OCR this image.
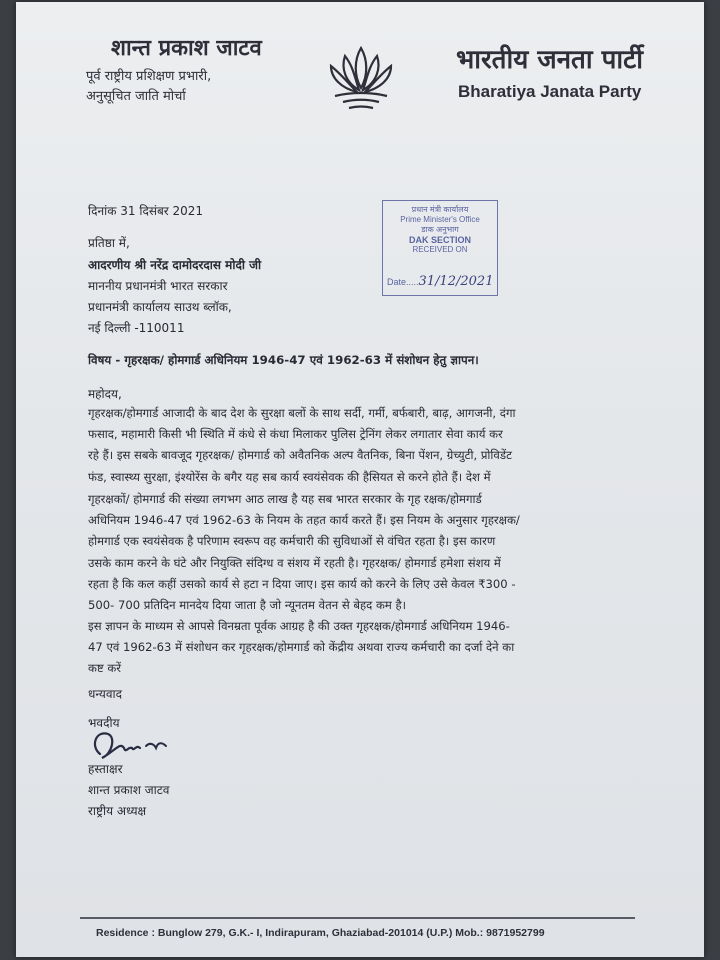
शान्त प्रकाश जाटव
पूर्व राष्ट्रीय प्रशिक्षण प्रभारी,
अनुसूचित जाति मोर्चा
भारतीय जनता पार्टी
Bharatiya Janata Party
दिनांक 31 दिसंबर 2021	प्रधान मंत्री कार्यालय
Prime Minister's Office
डाक अनुभाग
DAK SECTION
RECEIVED ON
Date.....31/12/2021
प्रतिष्ठा में,
आदरणीय श्री नरेंद्र दामोदरदास मोदी जी
माननीय प्रधानमंत्री भारत सरकार
प्रधानमंत्री कार्यालय साउथ ब्लॉक,
नई दिल्ली -110011
विषय - गृहरक्षक/ होमगार्ड अधिनियम 1946-47 एवं 1962-63 में संशोधन हेतु ज्ञापन।
महोदय,
गृहरक्षक/होमगार्ड आजादी के बाद देश के सुरक्षा बलों के साथ सर्दी, गर्मी, बर्फबारी, बाढ़, आगजनी, दंगा
फसाद, महामारी किसी भी स्थिति में कंधे से कंधा मिलाकर पुलिस ट्रेनिंग लेकर लगातार सेवा कार्य कर
रहे हैं। इस सबके बावजूद गृहरक्षक/ होमगार्ड को अवैतनिक अल्प वैतनिक, बिना पेंशन, ग्रेच्युटी, प्रोविडेंट
फंड, स्वास्थ्य सुरक्षा, इंश्योरेंस के बगैर यह सब कार्य स्वयंसेवक की हैसियत से करने होते हैं। देश में
गृहरक्षकों/ होमगार्ड की संख्या लगभग आठ लाख है यह सब भारत सरकार के गृह रक्षक/होमगार्ड
अधिनियम 1946-47 एवं 1962-63 के नियम के तहत कार्य करते हैं। इस नियम के अनुसार गृहरक्षक/
होमगार्ड एक स्वयंसेवक है परिणाम स्वरूप वह कर्मचारी की सुविधाओं से वंचित रहता है। इस कारण
उसके काम करने के घंटे और नियुक्ति संदिग्ध व संशय में रहती है। गृहरक्षक/ होमगार्ड हमेशा संशय में
रहता है कि कल कहीं उसको कार्य से हटा न दिया जाए। इस कार्य को करने के लिए उसे केवल ₹300 -
500- 700 प्रतिदिन मानदेय दिया जाता है जो न्यूनतम वेतन से बेहद कम है।
इस ज्ञापन के माध्यम से आपसे विनम्रता पूर्वक आग्रह है की उक्त गृहरक्षक/होमगार्ड अधिनियम 1946-
47 एवं 1962-63 में संशोधन कर गृहरक्षक/होमगार्ड को केंद्रीय अथवा राज्य कर्मचारी का दर्जा देने का
कष्ट करें
धन्यवाद
भवदीय
हस्ताक्षर
शान्त प्रकाश जाटव
राष्ट्रीय अध्यक्ष
Residence : Bunglow 279, G.K.- I, Indirapuram, Ghaziabad-201014 (U.P.) Mob.: 9871952799
